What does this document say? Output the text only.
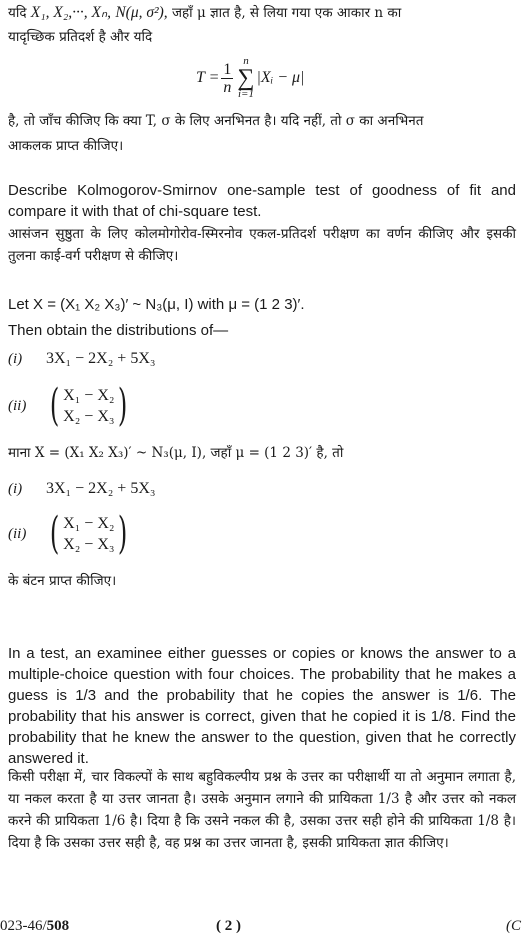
यदि X₁, X₂,···, Xₙ, N(μ, σ²), जहाँ μ ज्ञात है, से लिया गया एक आकार n का

यादृच्छिक प्रतिदर्श है और यदि

$T = \frac{1}{n}$ n
∑
i=1
|Xᵢ − μ|

है, तो जाँच कीजिए कि क्या T, σ के लिए अनभिनत है। यदि नहीं, तो σ का अनभिनत

आकलक प्राप्त कीजिए।

Describe Kolmogorov-Smirnov one-sample test of goodness of fit and compare it with that of chi-square test.

आसंजन सुष्ठुता के लिए कोलमोगोरोव-स्मिरनोव एकल-प्रतिदर्श परीक्षण का वर्णन कीजिए और इसकी तुलना काई-वर्ग परीक्षण से कीजिए।

Let X = (X₁ X₂ X₃)′ ~ N₃(μ, I) with μ = (1 2 3)′.

Then obtain the distributions of—

(i)	3X₁ − 2X₂ + 5X₃
(ii) ( X₁ − X₂
X₂ − X₃ )

माना X = (X₁ X₂ X₃)′ ~ N₃(μ, I), जहाँ μ = (1 2 3)′ है, तो

(i)	3X₁ − 2X₂ + 5X₃
(ii) ( X₁ − X₂
X₂ − X₃ )

के बंटन प्राप्त कीजिए।

In a test, an examinee either guesses or copies or knows the answer to a multiple-choice question with four choices. The probability that he makes a guess is 1/3 and the probability that he copies the answer is 1/6. The probability that his answer is correct, given that he copied it is 1/8. Find the probability that he knew the answer to the question, given that he correctly answered it.

किसी परीक्षा में, चार विकल्पों के साथ बहुविकल्पीय प्रश्न के उत्तर का परीक्षार्थी या तो अनुमान लगाता है, या नकल करता है या उत्तर जानता है। उसके अनुमान लगाने की प्रायिकता 1/3 है और उत्तर को नकल करने की प्रायिकता 1/6 है। दिया है कि उसने नकल की है, उसका उत्तर सही होने की प्रायिकता 1/8 है। दिया है कि उसका उत्तर सही है, वह प्रश्न का उत्तर जानता है, इसकी प्रायिकता ज्ञात कीजिए।

023-46/508	( 2 )	(C
